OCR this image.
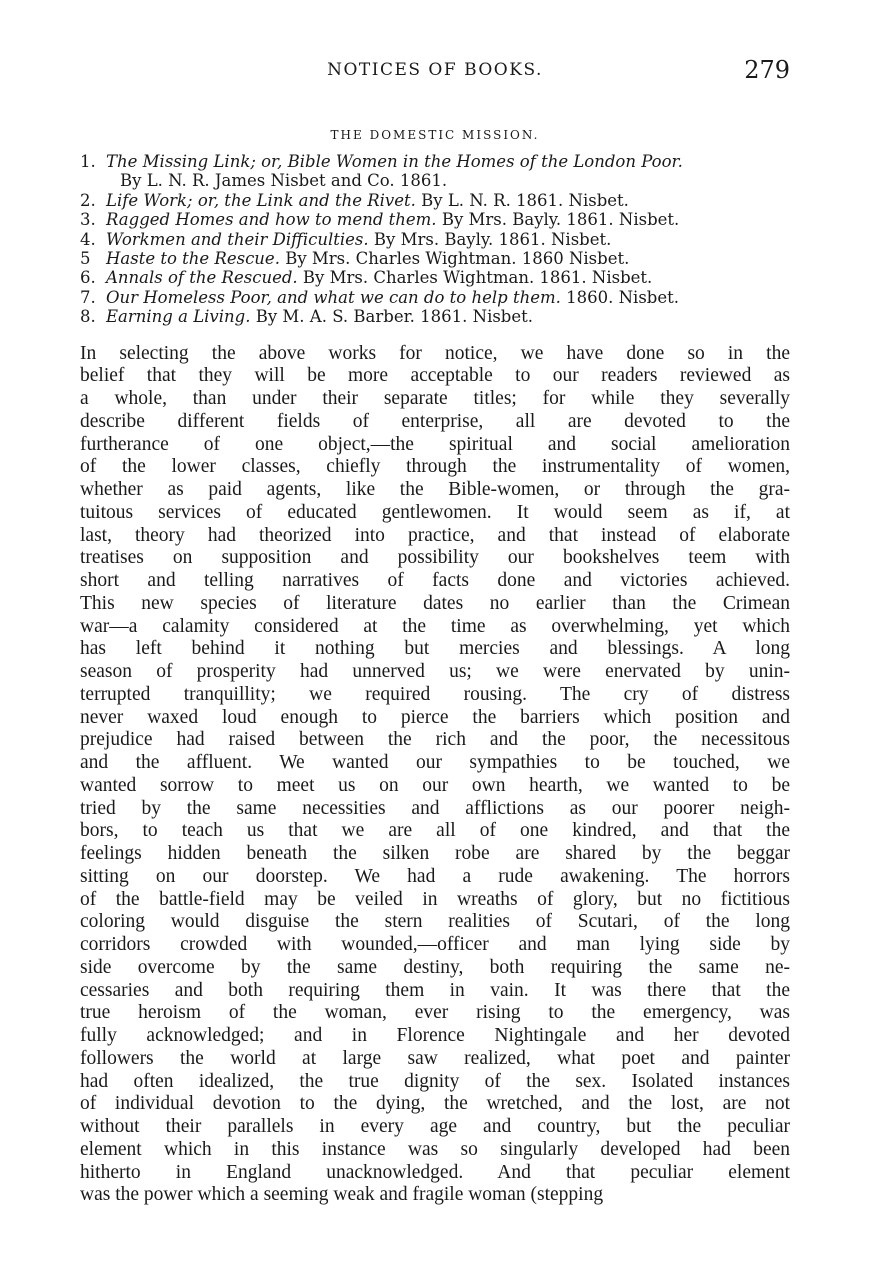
NOTICES OF BOOKS.	279
THE DOMESTIC MISSION.
1. The Missing Link; or, Bible Women in the Homes of the London Poor.
By L. N. R. James Nisbet and Co. 1861.
2. Life Work; or, the Link and the Rivet. By L. N. R. 1861. Nisbet.
3. Ragged Homes and how to mend them. By Mrs. Bayly. 1861. Nisbet.
4. Workmen and their Difficulties. By Mrs. Bayly. 1861. Nisbet.
5 Haste to the Rescue. By Mrs. Charles Wightman. 1860 Nisbet.
6. Annals of the Rescued. By Mrs. Charles Wightman. 1861. Nisbet.
7. Our Homeless Poor, and what we can do to help them. 1860. Nisbet.
8. Earning a Living. By M. A. S. Barber. 1861. Nisbet.
In selecting the above works for notice, we have done so in the
belief that they will be more acceptable to our readers reviewed as
a whole, than under their separate titles; for while they severally
describe different fields of enterprise, all are devoted to the
furtherance of one object,—the spiritual and social amelioration
of the lower classes, chiefly through the instrumentality of women,
whether as paid agents, like the Bible-women, or through the gra-
tuitous services of educated gentlewomen. It would seem as if, at
last, theory had theorized into practice, and that instead of elaborate
treatises on supposition and possibility our bookshelves teem with
short and telling narratives of facts done and victories achieved.
This new species of literature dates no earlier than the Crimean
war—a calamity considered at the time as overwhelming, yet which
has left behind it nothing but mercies and blessings. A long
season of prosperity had unnerved us; we were enervated by unin-
terrupted tranquillity; we required rousing. The cry of distress
never waxed loud enough to pierce the barriers which position and
prejudice had raised between the rich and the poor, the necessitous
and the affluent. We wanted our sympathies to be touched, we
wanted sorrow to meet us on our own hearth, we wanted to be
tried by the same necessities and afflictions as our poorer neigh-
bors, to teach us that we are all of one kindred, and that the
feelings hidden beneath the silken robe are shared by the beggar
sitting on our doorstep. We had a rude awakening. The horrors
of the battle-field may be veiled in wreaths of glory, but no fictitious
coloring would disguise the stern realities of Scutari, of the long
corridors crowded with wounded,—officer and man lying side by
side overcome by the same destiny, both requiring the same ne-
cessaries and both requiring them in vain. It was there that the
true heroism of the woman, ever rising to the emergency, was
fully acknowledged; and in Florence Nightingale and her devoted
followers the world at large saw realized, what poet and painter
had often idealized, the true dignity of the sex. Isolated instances
of individual devotion to the dying, the wretched, and the lost, are not
without their parallels in every age and country, but the peculiar
element which in this instance was so singularly developed had been
hitherto in England unacknowledged. And that peculiar element
was the power which a seeming weak and fragile woman (stepping
